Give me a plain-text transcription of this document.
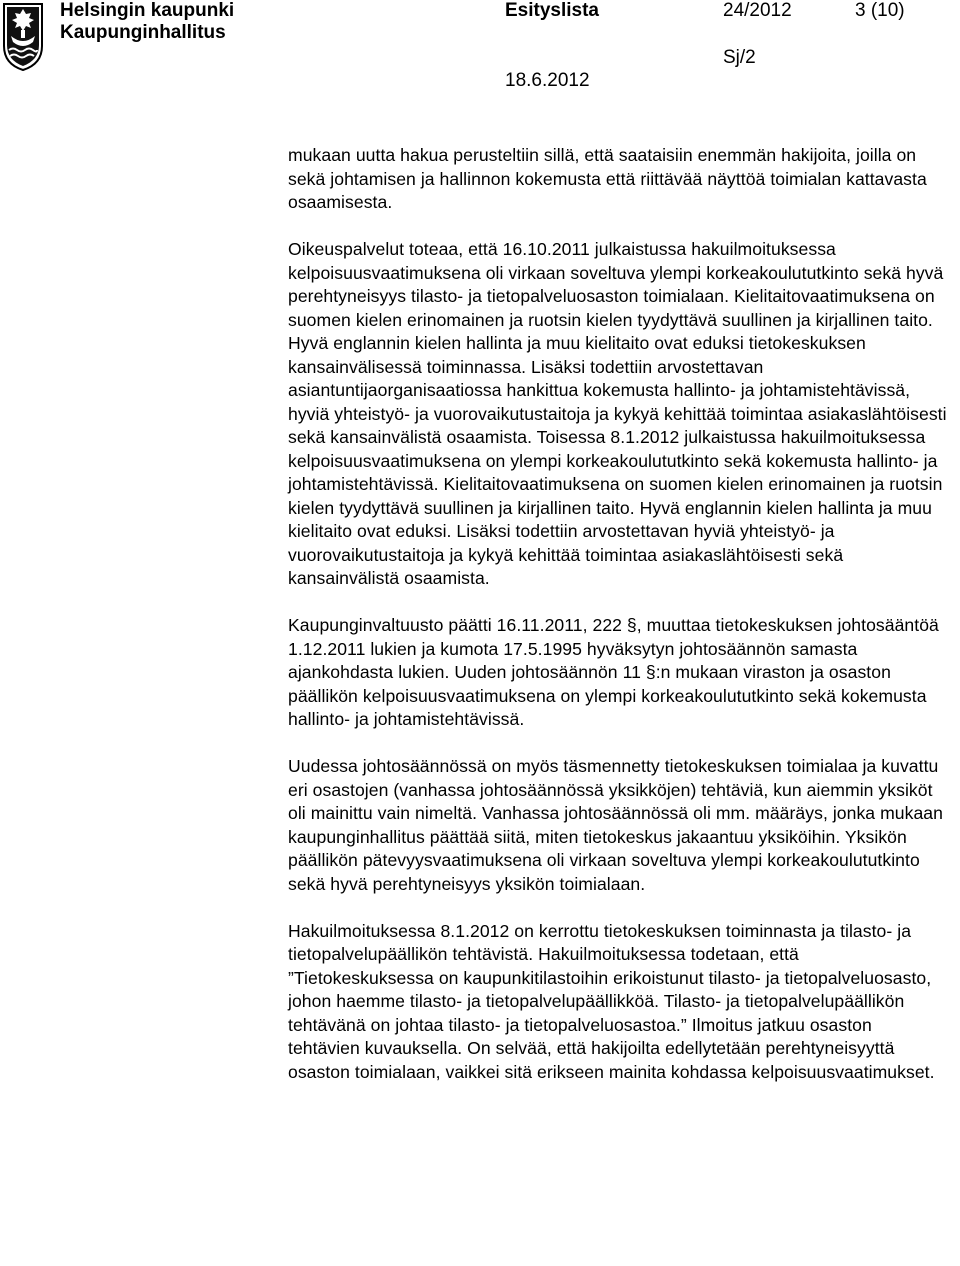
Helsingin kaupunki
Kaupunginhallitus
Esityslista	24/2012	3 (10)
Sj/2
18.6.2012

mukaan uutta hakua perusteltiin sillä, että saataisiin enemmän hakijoita, joilla on sekä johtamisen ja hallinnon kokemusta että riittävää näyttöä toimialan kattavasta osaamisesta.

Oikeuspalvelut toteaa, että 16.10.2011 julkaistussa hakuilmoituksessa kelpoisuusvaatimuksena oli virkaan soveltuva ylempi korkeakoulututkinto sekä hyvä perehtyneisyys tilasto- ja tietopalveluosaston toimialaan. Kielitaitovaatimuksena on suomen kielen erinomainen ja ruotsin kielen tyydyttävä suullinen ja kirjallinen taito. Hyvä englannin kielen hallinta ja muu kielitaito ovat eduksi tietokeskuksen kansainvälisessä toiminnassa. Lisäksi todettiin arvostettavan asiantuntijaorganisaatiossa hankittua kokemusta hallinto- ja johtamistehtävissä, hyviä yhteistyö- ja vuorovaikutustaitoja ja kykyä kehittää toimintaa asiakaslähtöisesti sekä kansainvälistä osaamista. Toisessa 8.1.2012 julkaistussa hakuilmoituksessa kelpoisuusvaatimuksena on ylempi korkeakoulututkinto sekä kokemusta hallinto- ja johtamistehtävissä. Kielitaitovaatimuksena on suomen kielen erinomainen ja ruotsin kielen tyydyttävä suullinen ja kirjallinen taito. Hyvä englannin kielen hallinta ja muu kielitaito ovat eduksi. Lisäksi todettiin arvostettavan hyviä yhteistyö- ja vuorovaikutustaitoja ja kykyä kehittää toimintaa asiakaslähtöisesti sekä kansainvälistä osaamista.

Kaupunginvaltuusto päätti 16.11.2011, 222 §, muuttaa tietokeskuksen johtosääntöä 1.12.2011 lukien ja kumota 17.5.1995 hyväksytyn johtosäännön samasta ajankohdasta lukien. Uuden johtosäännön 11 §:n mukaan viraston ja osaston päällikön kelpoisuusvaatimuksena on ylempi korkeakoulututkinto sekä kokemusta hallinto- ja johtamistehtävissä.

Uudessa johtosäännössä on myös täsmennetty tietokeskuksen toimialaa ja kuvattu eri osastojen (vanhassa johtosäännössä yksikköjen) tehtäviä, kun aiemmin yksiköt oli mainittu vain nimeltä. Vanhassa johtosäännössä oli mm. määräys, jonka mukaan kaupunginhallitus päättää siitä, miten tietokeskus jakaantuu yksiköihin. Yksikön päällikön pätevyysvaatimuksena oli virkaan soveltuva ylempi korkeakoulututkinto sekä hyvä perehtyneisyys yksikön toimialaan.

Hakuilmoituksessa 8.1.2012 on kerrottu tietokeskuksen toiminnasta ja tilasto- ja tietopalvelupäällikön tehtävistä. Hakuilmoituksessa todetaan, että ”Tietokeskuksessa on kaupunkitilastoihin erikoistunut tilasto- ja tietopalveluosasto, johon haemme tilasto- ja tietopalvelupäällikköä. Tilasto- ja tietopalvelupäällikön tehtävänä on johtaa tilasto- ja tietopalveluosastoa.” Ilmoitus jatkuu osaston tehtävien kuvauksella. On selvää, että hakijoilta edellytetään perehtyneisyyttä osaston toimialaan, vaikkei sitä erikseen mainita kohdassa kelpoisuusvaatimukset.
